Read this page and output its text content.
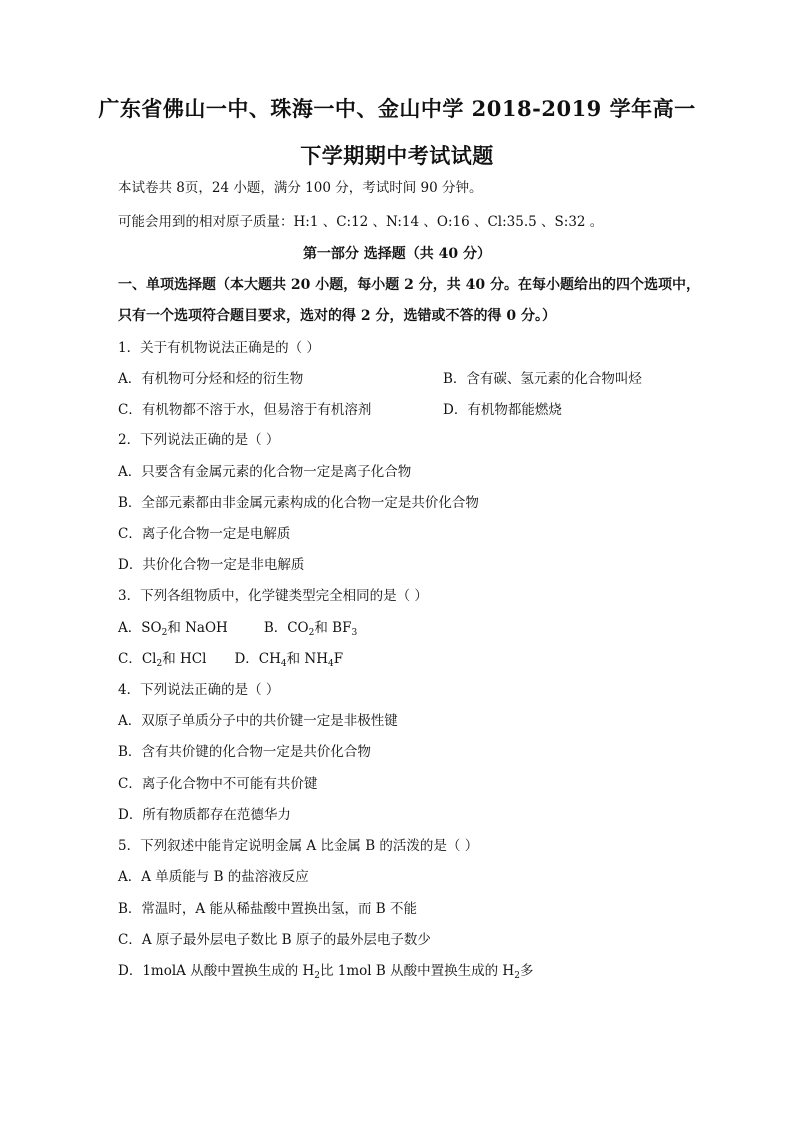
广东省佛山一中、珠海一中、金山中学 2018-2019 学年高一
下学期期中考试试题
本试卷共 8页，24 小题，满分 100 分，考试时间 90 分钟。
可能会用到的相对原子质量：H:1 、C:12 、N:14 、O:16 、Cl:35.5 、S:32 。
第一部分 选择题（共 40 分）
一、单项选择题（本大题共 20 小题，每小题 2 分，共 40 分。在每小题给出的四个选项中，
只有一个选项符合题目要求，选对的得 2 分，选错或不答的得 0 分。）
1．关于有机物说法正确是的（ ）
A．有机物可分烃和烃的衍生物	B．含有碳、氢元素的化合物叫烃
C．有机物都不溶于水，但易溶于有机溶剂	D．有机物都能燃烧
2．下列说法正确的是（ ）
A．只要含有金属元素的化合物一定是离子化合物
B．全部元素都由非金属元素构成的化合物一定是共价化合物
C．离子化合物一定是电解质
D．共价化合物一定是非电解质
3．下列各组物质中，化学键类型完全相同的是（ ）
A．$SO_2$和 NaOH	B．$CO_2$和 $BF_3$
C．$Cl_2$和 HCl D．$CH_4$和 $NH_4F$
4．下列说法正确的是（ ）
A．双原子单质分子中的共价键一定是非极性键
B．含有共价键的化合物一定是共价化合物
C．离子化合物中不可能有共价键
D．所有物质都存在范德华力
5．下列叙述中能肯定说明金属 A 比金属 B 的活泼的是（ ）
A．A 单质能与 B 的盐溶液反应
B．常温时，A 能从稀盐酸中置换出氢，而 B 不能
C．A 原子最外层电子数比 B 原子的最外层电子数少
D．1molA 从酸中置换生成的 $H_2$比 1mol B 从酸中置换生成的 $H_2$多
